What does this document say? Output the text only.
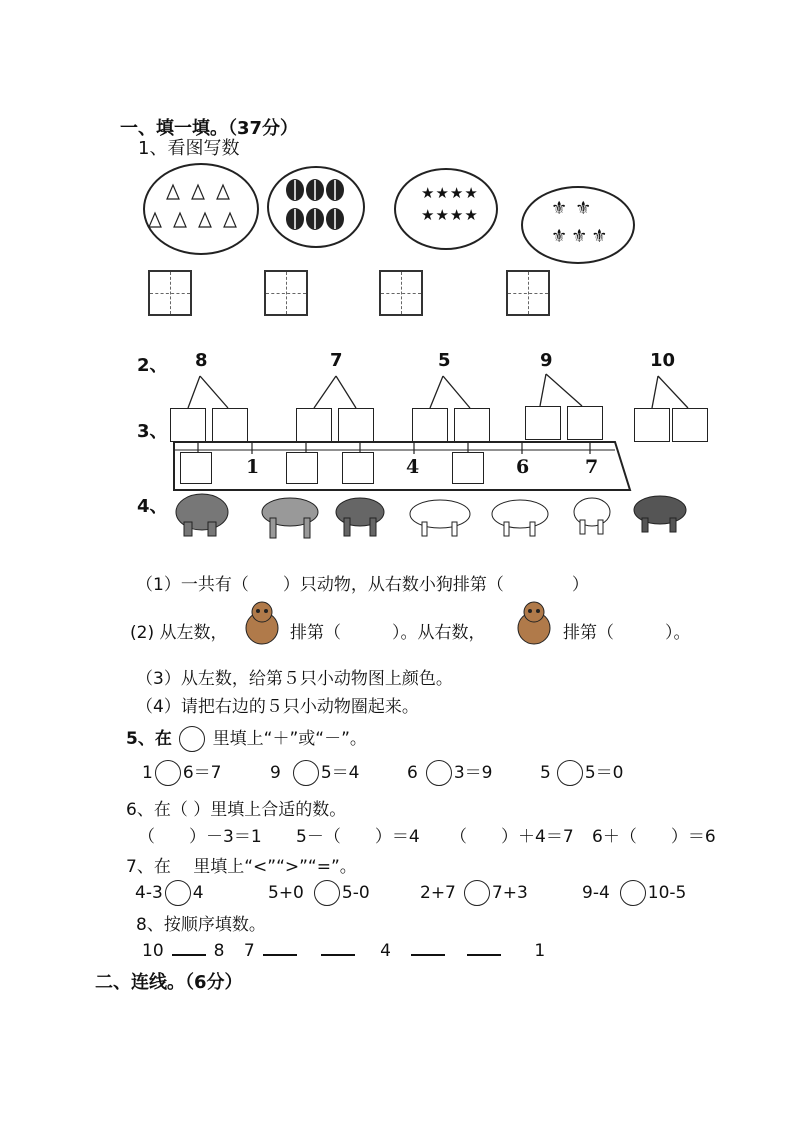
一、填一填。（37分）
1、看图写数
★★★★
★★★★	⚜⚜
⚜⚜⚜
2、 8	7	5	9	10
3、
1	4	6	7
4、
（1）一共有（　　）只动物，从右数小狗排第（　　　　）
(2) 从左数，	排第（　　　）。从右数，	排第（　　　）。
（3）从左数，给第５只小动物图上颜色。
（4）请把右边的５只小动物圈起来。
5、在 里填上“＋”或“－”。
1 6＝7	9 5＝4	6 3＝9	5 5＝0
6、在（ ）里填上合适的数。
（　　）－3＝1 5－（　　）＝4 （　　）＋4＝7 6＋（　　）＝6
7、在　 里填上“<”“>”“=”。
4-3 4	5+0 5-0	2+7 7+3	9-4 10-5
8、按顺序填数。
10	8 7	4	1
二、连线。（6分）
